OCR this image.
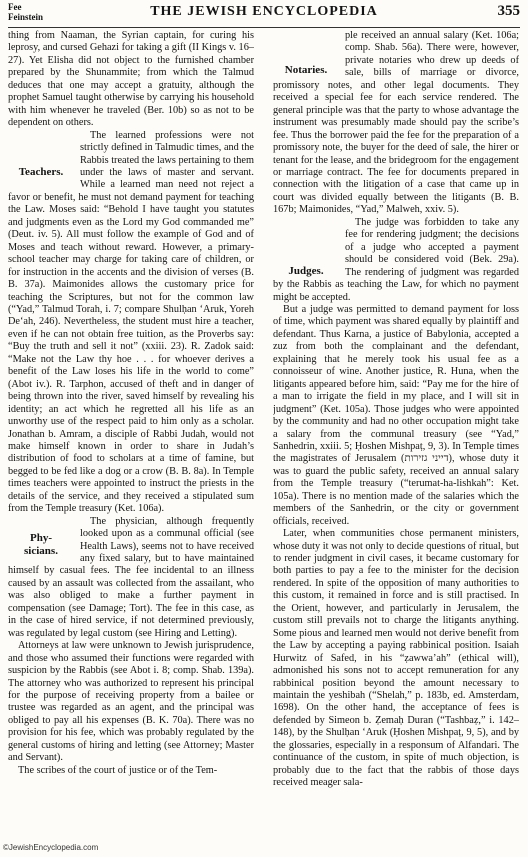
Fee
Feinstein	THE JEWISH ENCYCLOPEDIA	355

thing from Naaman, the Syrian captain, for curing his leprosy, and cursed Gehazi for taking a gift (II Kings v. 16–27). Yet Elisha did not object to the furnished chamber prepared by the Shunammite; from which the Talmud deduces that one may accept a gratuity, although the prophet Samuel taught otherwise by carrying his household with him whenever he traveled (Ber. 10b) so as not to be dependent on others.

Teachers.

The learned professions were not strictly defined in Talmudic times, and the Rabbis treated the laws pertaining to them under the laws of master and servant. While a learned man need not reject a favor or benefit, he must not demand payment for teaching the Law. Moses said: “Behold I have taught you statutes and judgments even as the Lord my God commanded me” (Deut. iv. 5). All must follow the example of God and of Moses and teach without reward. However, a primary-school teacher may charge for taking care of children, or for instruction in the accents and the division of verses (B. B. 37a). Maimonides allows the customary price for teaching the Scriptures, but not for the common law (“Yad,” Talmud Torah, i. 7; compare Shulḥan ‘Aruk, Yoreh De‘ah, 246). Nevertheless, the student must hire a teacher, even if he can not obtain free tuition, as the Proverbs say: “Buy the truth and sell it not” (xxiii. 23). R. Zadok said: “Make not the Law thy hoe . . . for whoever derives a benefit of the Law loses his life in the world to come” (Abot iv.). R. Tarphon, accused of theft and in danger of being thrown into the river, saved himself by revealing his identity; an act which he regretted all his life as an unworthy use of the respect paid to him only as a scholar. Jonathan b. Amram, a disciple of Rabbi Judah, would not make himself known in order to share in Judah’s distribution of food to scholars at a time of famine, but begged to be fed like a dog or a crow (B. B. 8a). In Temple times teachers were appointed to instruct the priests in the details of the service, and they received a stipulated sum from the Temple treasury (Ket. 106a).

Phy-
sicians.

The physician, although frequently looked upon as a communal official (see Health Laws), seems not to have received any fixed salary, but to have maintained himself by casual fees. The fee incidental to an illness caused by an assault was collected from the assailant, who was also obliged to make a further payment in compensation (see Damage; Tort). The fee in this case, as in the case of hired service, if not determined previously, was regulated by legal custom (see Hiring and Letting).

Attorneys at law were unknown to Jewish jurisprudence, and those who assumed their functions were regarded with suspicion by the Rabbis (see Abot i. 8; comp. Shab. 139a). The attorney who was authorized to represent his principal for the purpose of receiving property from a bailee or trustee was regarded as an agent, and the principal was obliged to pay all his expenses (B. K. 70a). There was no provision for his fee, which was probably regulated by the general customs of hiring and letting (see Attorney; Master and Servant).

The scribes of the court of justice or of the Tem-

Notaries.

ple received an annual salary (Ket. 106a; comp. Shab. 56a). There were, however, private notaries who drew up deeds of sale, bills of marriage or divorce, promissory notes, and other legal documents. They received a special fee for each service rendered. The general principle was that the party to whose advantage the instrument was presumably made should pay the scribe’s fee. Thus the borrower paid the fee for the preparation of a promissory note, the buyer for the deed of sale, the hirer or tenant for the lease, and the bridegroom for the engagement or marriage contract. The fee for documents prepared in connection with the litigation of a case that came up in court was divided equally between the litigants (B. B. 167b; Maimonides, “Yad,” Malweh, xxiv. 5).

Judges.

The judge was forbidden to take any fee for rendering judgment; the decisions of a judge who accepted a payment should be considered void (Bek. 29a). The rendering of judgment was regarded by the Rabbis as teaching the Law, for which no payment might be accepted.

But a judge was permitted to demand payment for loss of time, which payment was shared equally by plaintiff and defendant. Thus Karna, a justice of Babylonia, accepted a zuz from both the complainant and the defendant, explaining that he merely took his usual fee as a connoisseur of wine. Another justice, R. Huna, when the litigants appeared before him, said: “Pay me for the hire of a man to irrigate the field in my place, and I will sit in judgment” (Ket. 105a). Those judges who were appointed by the community and had no other occupation might take a salary from the communal treasury (see “Yad,” Sanhedrin, xxiii. 5; Ḥoshen Mishpaṭ, 9, 3). In Temple times the magistrates of Jerusalem (דייני גזירות), whose duty it was to guard the public safety, received an annual salary from the Temple treasury (“terumat-ha-lishkah”: Ket. 105a). There is no mention made of the salaries which the members of the Sanhedrin, or the city or government officials, received.

Later, when communities chose permanent ministers, whose duty it was not only to decide questions of ritual, but to render judgment in civil cases, it became customary for both parties to pay a fee to the minister for the decision rendered. In spite of the opposition of many authorities to this custom, it remained in force and is still practised. In the Orient, however, and particularly in Jerusalem, the custom still prevails not to charge the litigants anything. Some pious and learned men would not derive benefit from the Law by accepting a paying rabbinical position. Isaiah Hurwitz of Safed, in his “ẓawwa’ah” (ethical will), admonished his sons not to accept remuneration for any rabbinical position beyond the amount necessary to maintain the yeshibah (“Shelah,” p. 183b, ed. Amsterdam, 1698). On the other hand, the acceptance of fees is defended by Simeon b. Ẓemaḥ Duran (“Tashbaẓ,” i. 142–148), by the Shulḥan ‘Aruk (Ḥoshen Mishpaṭ, 9, 5), and by the glossaries, especially in a responsum of Alfandari. The continuance of the custom, in spite of much objection, is probably due to the fact that the rabbis of those days received meager sala-

©JewishEncyclopedia.com
